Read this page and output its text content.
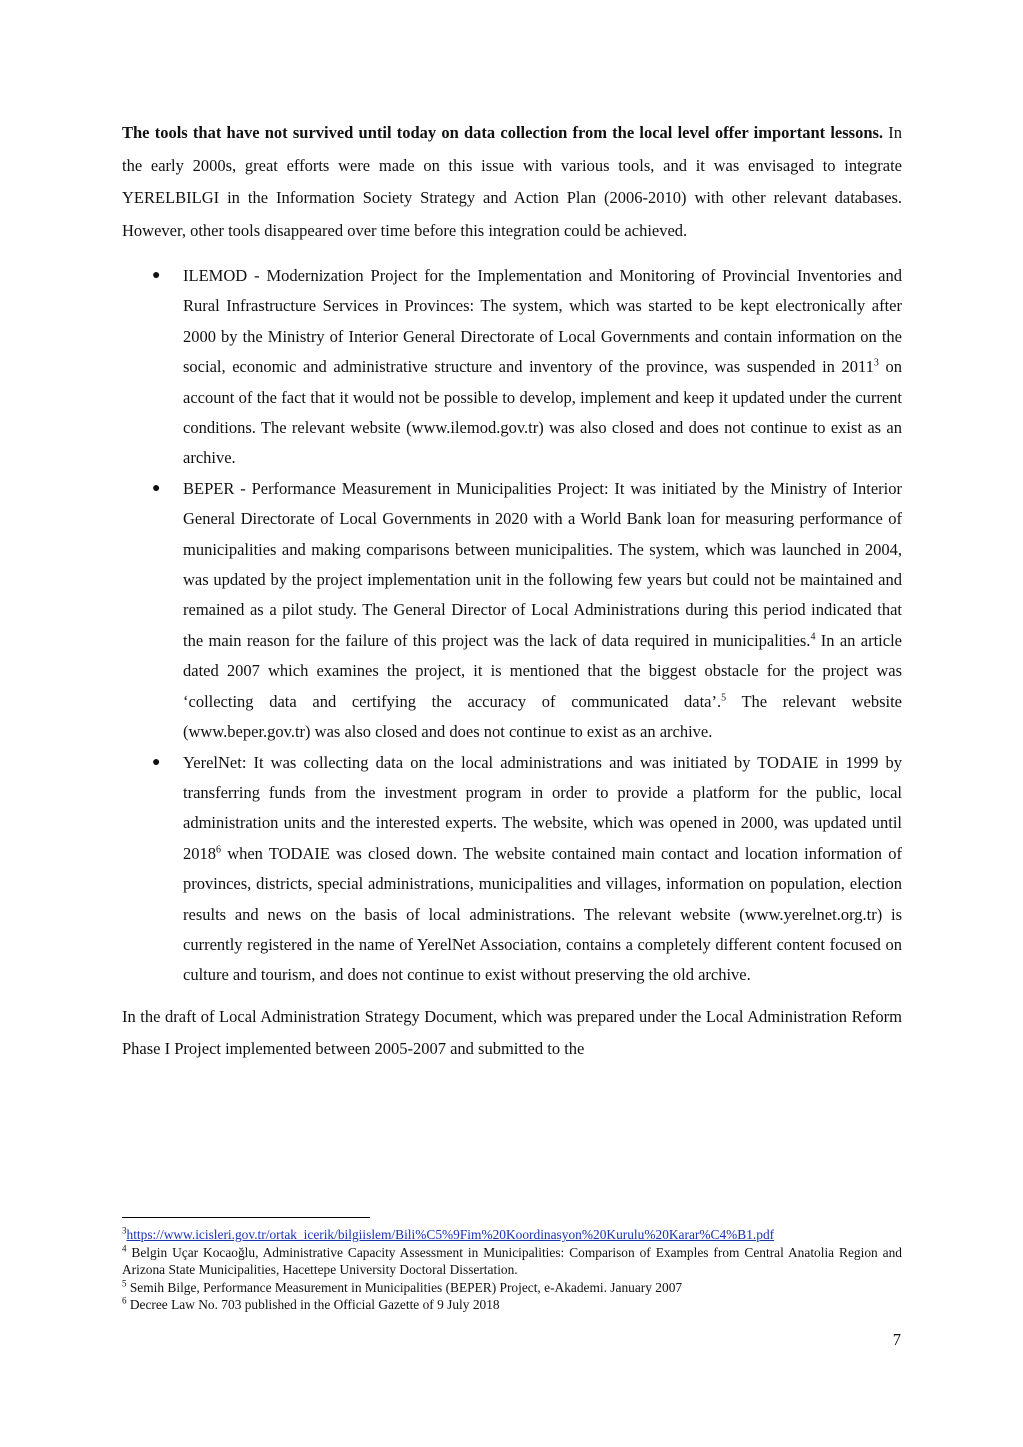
The tools that have not survived until today on data collection from the local level offer important lessons. In the early 2000s, great efforts were made on this issue with various tools, and it was envisaged to integrate YERELBILGI in the Information Society Strategy and Action Plan (2006-2010) with other relevant databases. However, other tools disappeared over time before this integration could be achieved.

● ILEMOD - Modernization Project for the Implementation and Monitoring of Provincial Inventories and Rural Infrastructure Services in Provinces: The system, which was started to be kept electronically after 2000 by the Ministry of Interior General Directorate of Local Governments and contain information on the social, economic and administrative structure and inventory of the province, was suspended in 2011$^3$ on account of the fact that it would not be possible to develop, implement and keep it updated under the current conditions. The relevant website (www.ilemod.gov.tr) was also closed and does not continue to exist as an archive.
● BEPER - Performance Measurement in Municipalities Project: It was initiated by the Ministry of Interior General Directorate of Local Governments in 2020 with a World Bank loan for measuring performance of municipalities and making comparisons between municipalities. The system, which was launched in 2004, was updated by the project implementation unit in the following few years but could not be maintained and remained as a pilot study. The General Director of Local Administrations during this period indicated that the main reason for the failure of this project was the lack of data required in municipalities.$^4$ In an article dated 2007 which examines the project, it is mentioned that the biggest obstacle for the project was ‘collecting data and certifying the accuracy of communicated data’.$^5$ The relevant website (www.beper.gov.tr) was also closed and does not continue to exist as an archive.
● YerelNet: It was collecting data on the local administrations and was initiated by TODAIE in 1999 by transferring funds from the investment program in order to provide a platform for the public, local administration units and the interested experts. The website, which was opened in 2000, was updated until 2018$^6$ when TODAIE was closed down. The website contained main contact and location information of provinces, districts, special administrations, municipalities and villages, information on population, election results and news on the basis of local administrations. The relevant website (www.yerelnet.org.tr) is currently registered in the name of YerelNet Association, contains a completely different content focused on culture and tourism, and does not continue to exist without preserving the old archive.

In the draft of Local Administration Strategy Document, which was prepared under the Local Administration Reform Phase I Project implemented between 2005-2007 and submitted to the

$^3$https://www.icisleri.gov.tr/ortak_icerik/bilgiislem/Bili%C5%9Fim%20Koordinasyon%20Kurulu%20Karar%C4%B1.pdf

$^4$ Belgin Uçar Kocaoğlu, Administrative Capacity Assessment in Municipalities: Comparison of Examples from Central Anatolia Region and Arizona State Municipalities, Hacettepe University Doctoral Dissertation.

$^5$ Semih Bilge, Performance Measurement in Municipalities (BEPER) Project, e-Akademi. January 2007

$^6$ Decree Law No. 703 published in the Official Gazette of 9 July 2018

7
